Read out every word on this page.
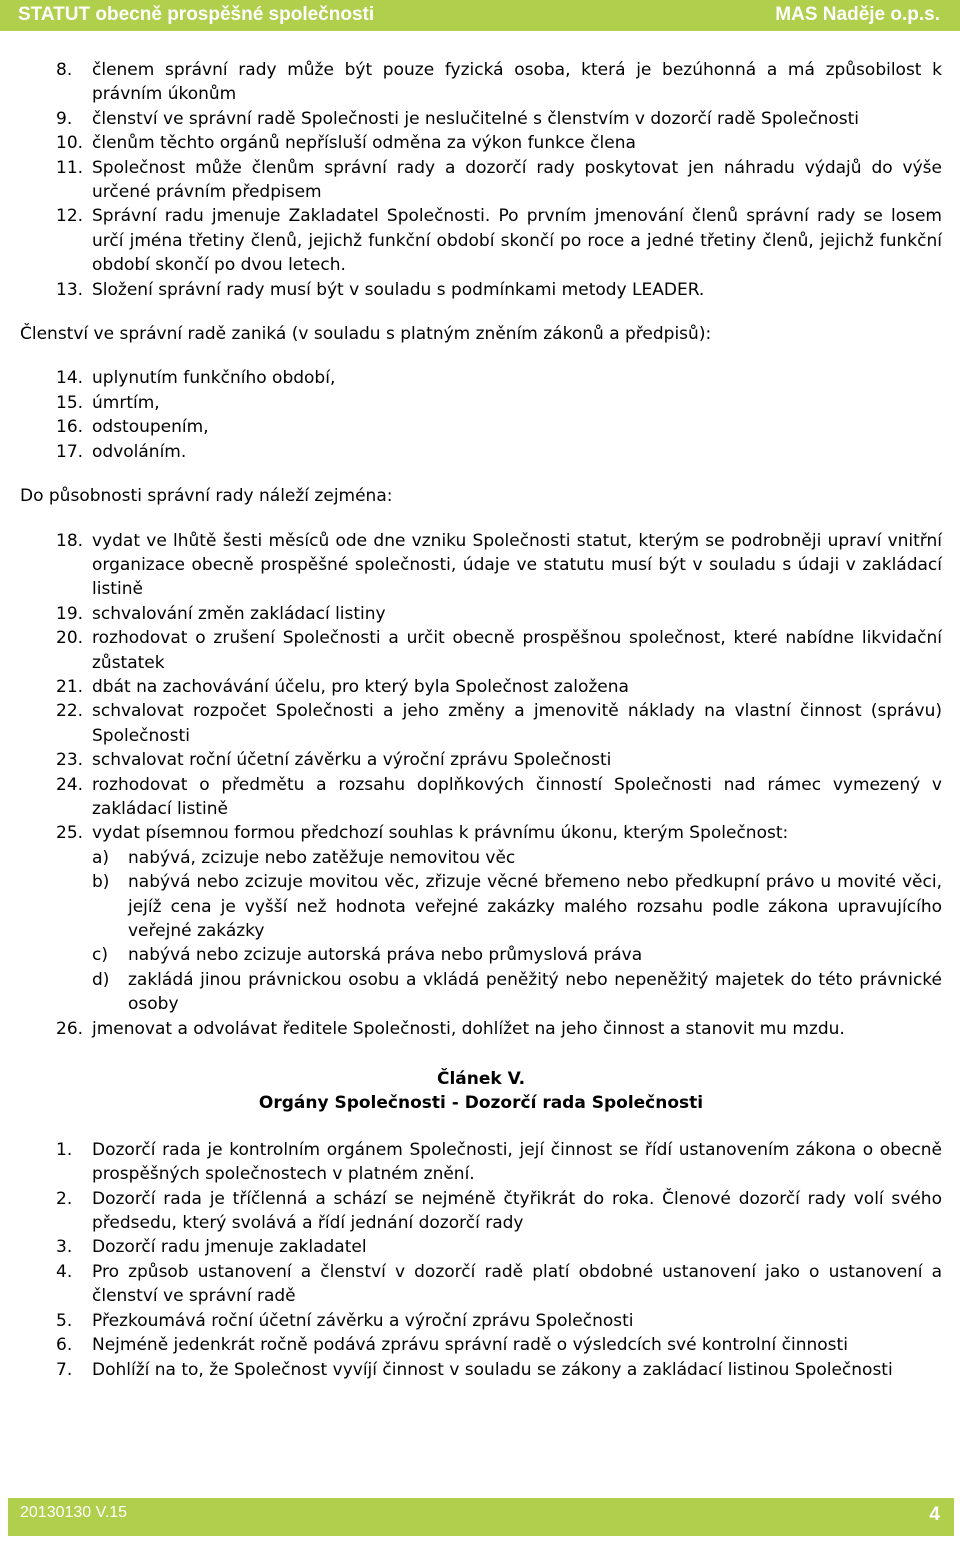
STATUT obecně prospěšné společnosti	MAS Naděje o.p.s.
8.	členem správní rady může být pouze fyzická osoba, která je bezúhonná a má způsobilost k právním úkonům
9.	členství ve správní radě Společnosti je neslučitelné s členstvím v dozorčí radě Společnosti
10. členům těchto orgánů nepřísluší odměna za výkon funkce člena
11. Společnost může členům správní rady a dozorčí rady poskytovat jen náhradu výdajů do výše určené právním předpisem
12. Správní radu jmenuje Zakladatel Společnosti. Po prvním jmenování členů správní rady se losem určí jména třetiny členů, jejichž funkční období skončí po roce a jedné třetiny členů, jejichž funkční období skončí po dvou letech.
13. Složení správní rady musí být v souladu s podmínkami metody LEADER.

Členství ve správní radě zaniká (v souladu s platným zněním zákonů a předpisů):

14. uplynutím funkčního období,
15. úmrtím,
16. odstoupením,
17. odvoláním.

Do působnosti správní rady náleží zejména:

18. vydat ve lhůtě šesti měsíců ode dne vzniku Společnosti statut, kterým se podrobněji upraví vnitřní organizace obecně prospěšné společnosti, údaje ve statutu musí být v souladu s údaji v zakládací listině
19. schvalování změn zakládací listiny
20. rozhodovat o zrušení Společnosti a určit obecně prospěšnou společnost, které nabídne likvidační zůstatek
21. dbát na zachovávání účelu, pro který byla Společnost založena
22. schvalovat rozpočet Společnosti a jeho změny a jmenovitě náklady na vlastní činnost (správu) Společnosti
23. schvalovat roční účetní závěrku a výroční zprávu Společnosti
24. rozhodovat o předmětu a rozsahu doplňkových činností Společnosti nad rámec vymezený v zakládací listině
25. vydat písemnou formou předchozí souhlas k právnímu úkonu, kterým Společnost:
a)	nabývá, zcizuje nebo zatěžuje nemovitou věc
b)	nabývá nebo zcizuje movitou věc, zřizuje věcné břemeno nebo předkupní právo u movité věci, jejíž cena je vyšší než hodnota veřejné zakázky malého rozsahu podle zákona upravujícího veřejné zakázky
c)	nabývá nebo zcizuje autorská práva nebo průmyslová práva
d)	zakládá jinou právnickou osobu a vkládá peněžitý nebo nepeněžitý majetek do této právnické osoby
26. jmenovat a odvolávat ředitele Společnosti, dohlížet na jeho činnost a stanovit mu mzdu.
Článek V.
Orgány Společnosti - Dozorčí rada Společnosti
1.	Dozorčí rada je kontrolním orgánem Společnosti, její činnost se řídí ustanovením zákona o obecně prospěšných společnostech v platném znění.
2.	Dozorčí rada je tříčlenná a schází se nejméně čtyřikrát do roka. Členové dozorčí rady volí svého předsedu, který svolává a řídí jednání dozorčí rady
3.	Dozorčí radu jmenuje zakladatel
4.	Pro způsob ustanovení a členství v dozorčí radě platí obdobné ustanovení jako o ustanovení a členství ve správní radě
5.	Přezkoumává roční účetní závěrku a výroční zprávu Společnosti
6.	Nejméně jedenkrát ročně podává zprávu správní radě o výsledcích své kontrolní činnosti
7.	Dohlíží na to, že Společnost vyvíjí činnost v souladu se zákony a zakládací listinou Společnosti
20130130 V.15	4
